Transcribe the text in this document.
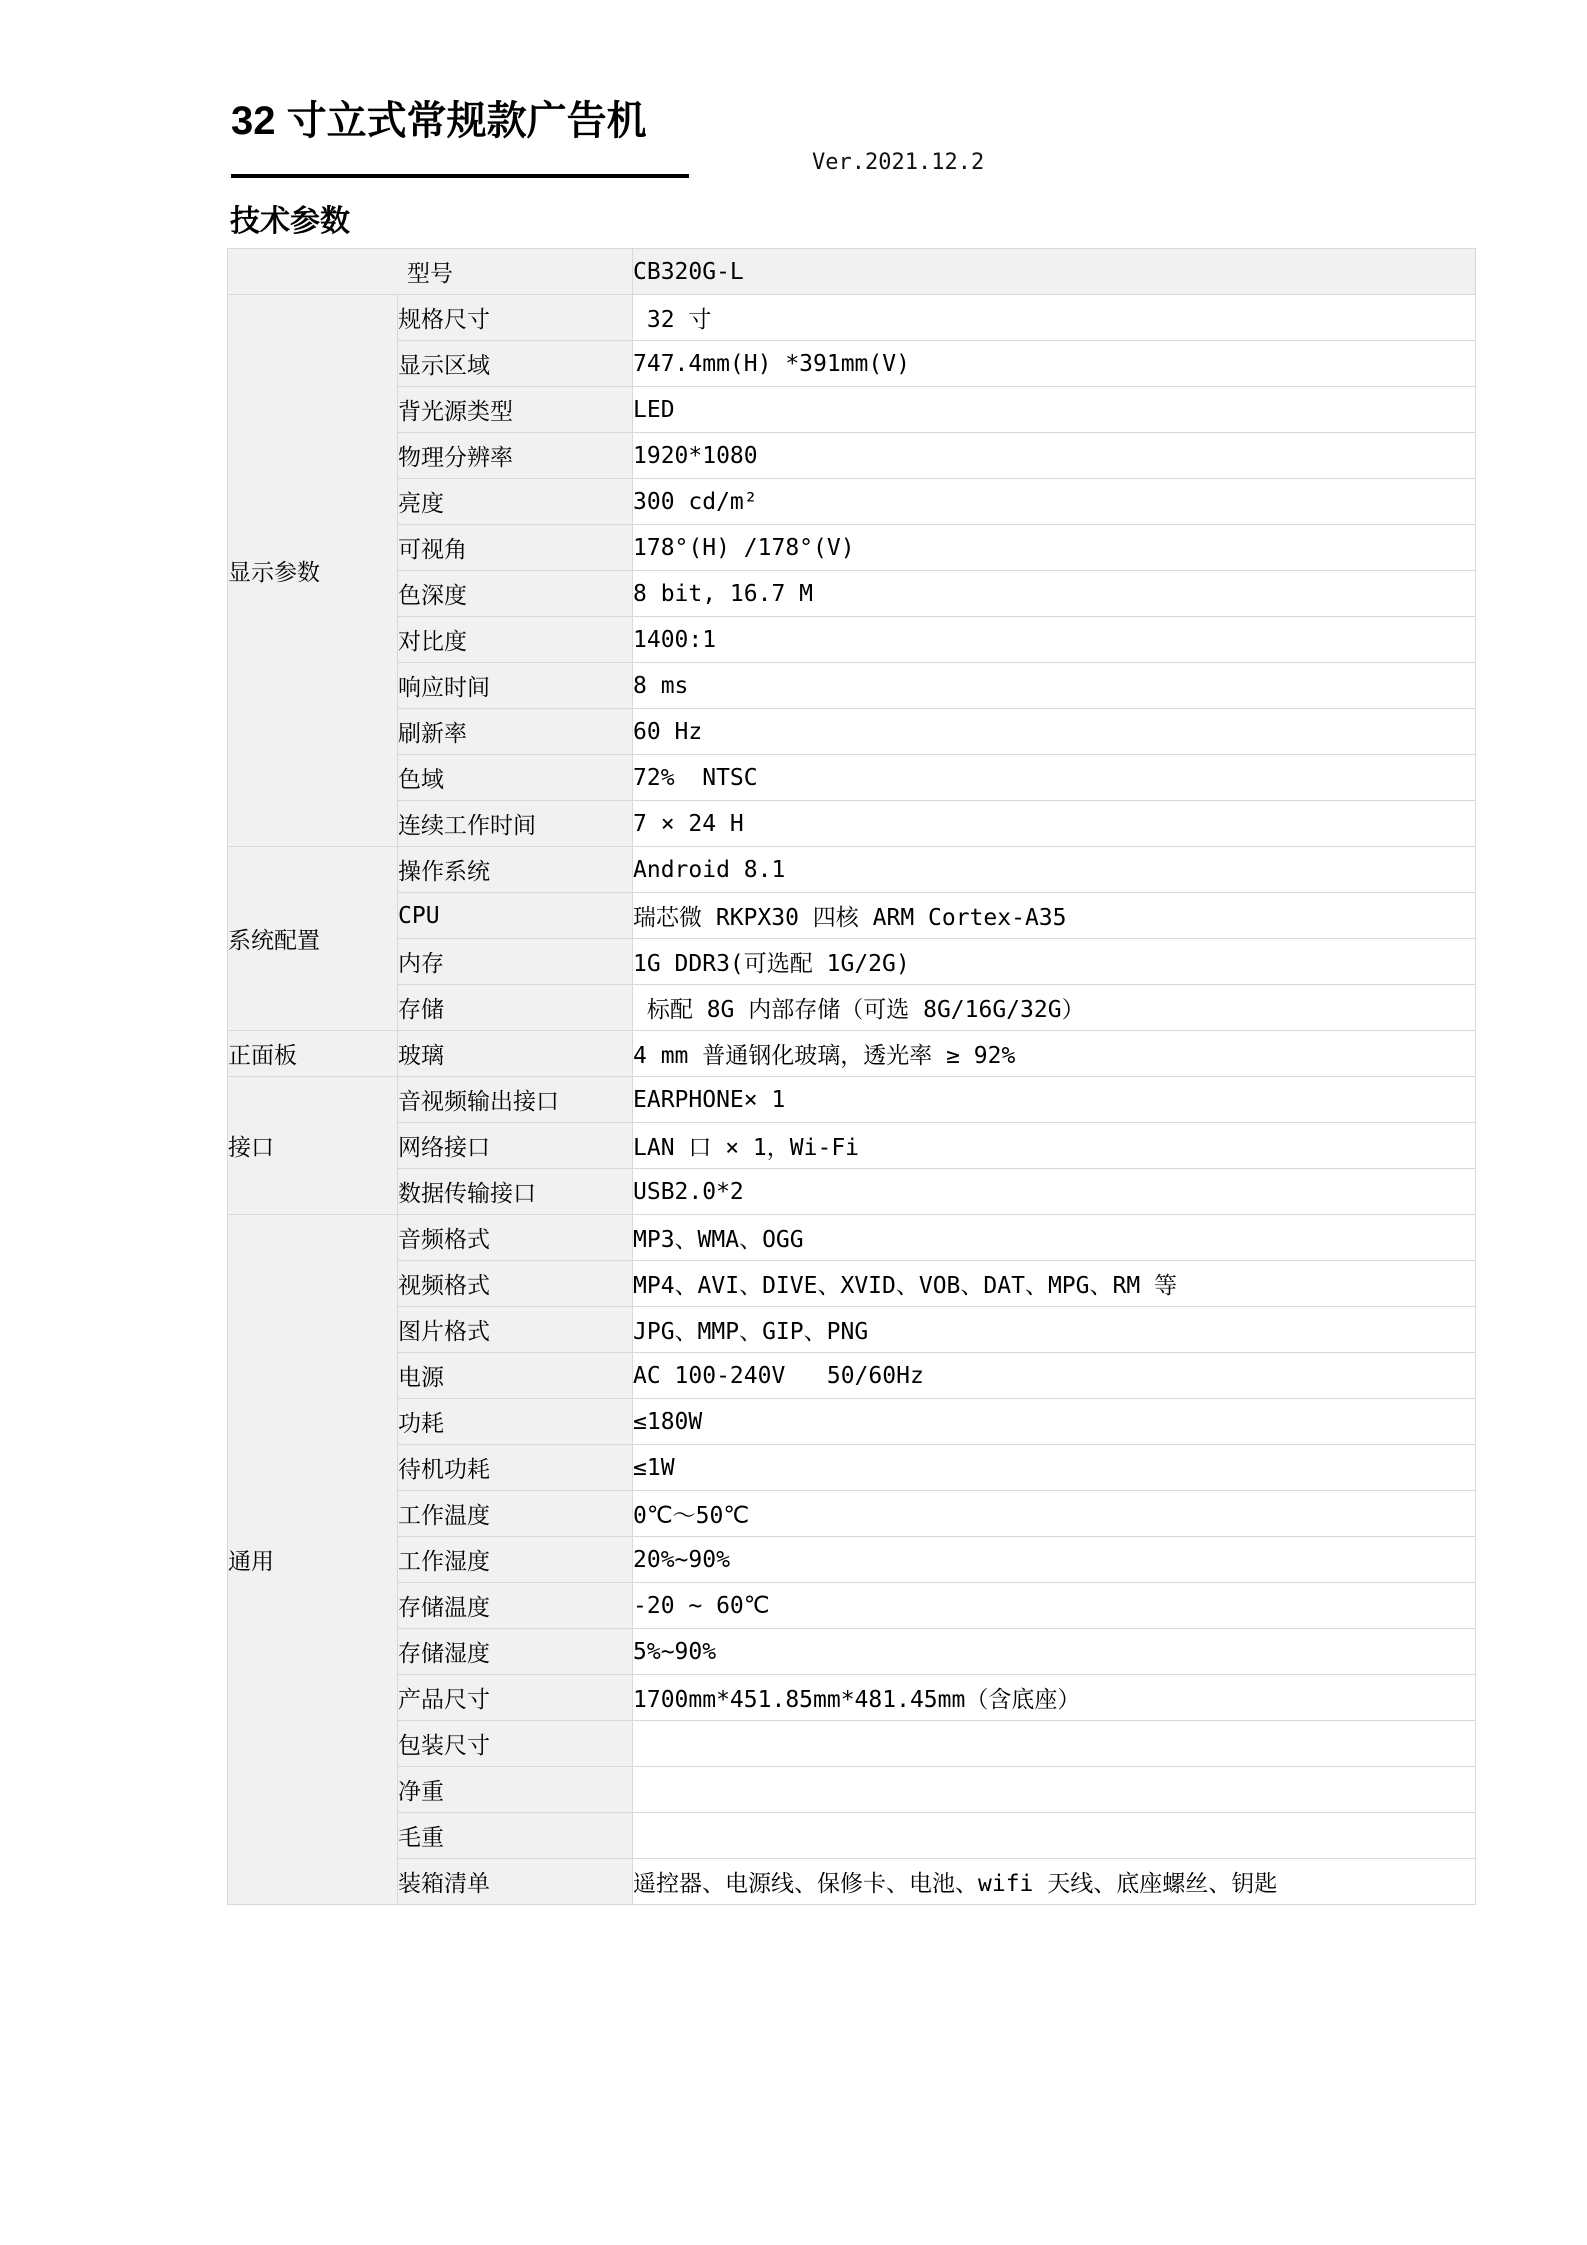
32 寸立式常规款广告机
Ver.2021.12.2
技术参数
型号		CB320G-L
显示参数	规格尺寸	32 寸
	显示区域	747.4mm(H) *391mm(V)
	背光源类型	LED
	物理分辨率	1920*1080
	亮度	300 cd/m²
	可视角	178°(H) /178°(V)
	色深度	8 bit, 16.7 M
	对比度	1400:1
	响应时间	8 ms
	刷新率	60 Hz
	色域	72%  NTSC
	连续工作时间	7 × 24 H
系统配置	操作系统	Android 8.1
	CPU	瑞芯微 RKPX30 四核 ARM Cortex-A35
	内存	1G DDR3(可选配 1G/2G)
	存储	标配 8G 内部存储（可选 8G/16G/32G）
正面板	玻璃	4 mm 普通钢化玻璃，透光率 ≥ 92%
接口	音视频输出接口	EARPHONE× 1
	网络接口	LAN 口 × 1，Wi-Fi
	数据传输接口	USB2.0*2
通用	音频格式	MP3、WMA、OGG
	视频格式	MP4、AVI、DIVE、XVID、VOB、DAT、MPG、RM 等
	图片格式	JPG、MMP、GIP、PNG
	电源	AC 100-240V   50/60Hz
	功耗	≤180W
	待机功耗	≤1W
	工作温度	0℃～50℃
	工作湿度	20%~90%
	存储温度	-20 ~ 60℃
	存储湿度	5%~90%
	产品尺寸	1700mm*451.85mm*481.45mm（含底座）
	包装尺寸	
	净重	
	毛重	
	装箱清单	遥控器、电源线、保修卡、电池、wifi 天线、底座螺丝、钥匙
